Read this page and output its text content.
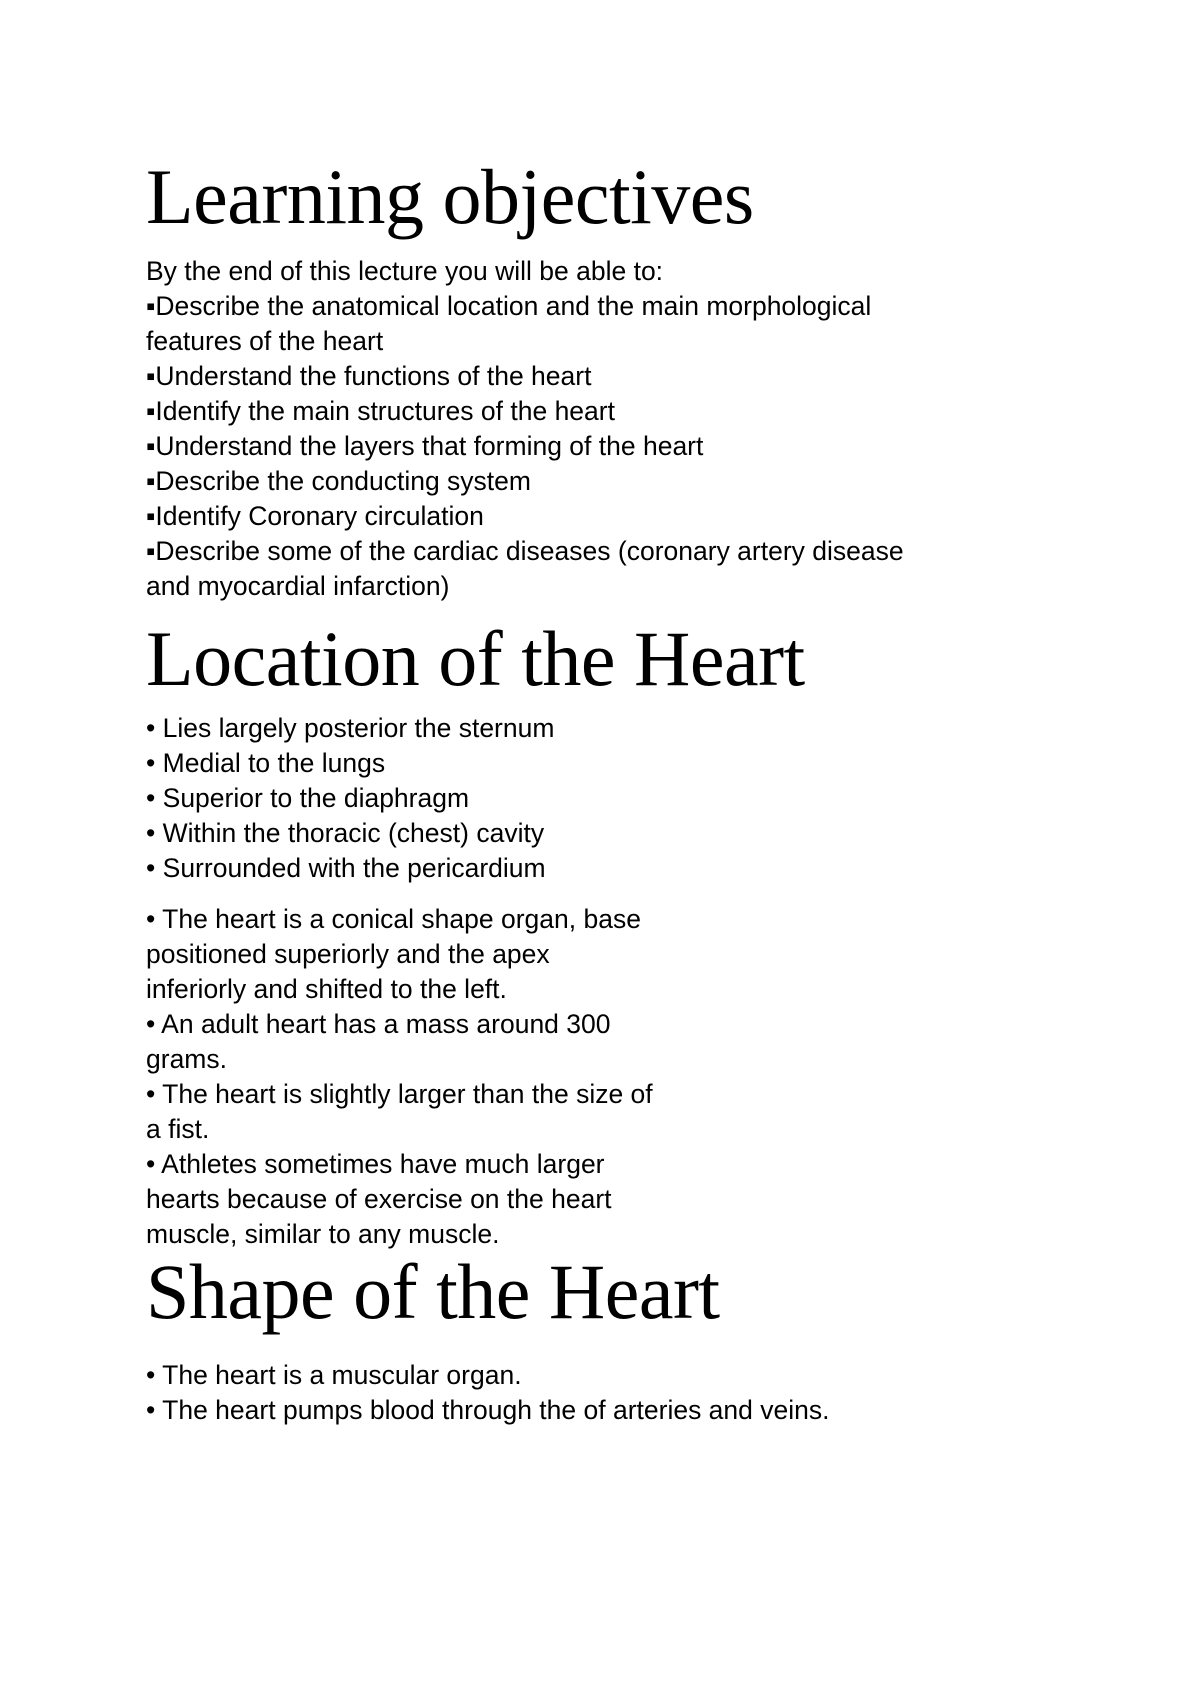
Learning objectives
By the end of this lecture you will be able to:
▪Describe the anatomical location and the main morphological
features of the heart
▪Understand the functions of the heart
▪Identify the main structures of the heart
▪Understand the layers that forming of the heart
▪Describe the conducting system
▪Identify Coronary circulation
▪Describe some of the cardiac diseases (coronary artery disease
and myocardial infarction)
Location of the Heart
• Lies largely posterior the sternum
• Medial to the lungs
• Superior to the diaphragm
• Within the thoracic (chest) cavity
• Surrounded with the pericardium
• The heart is a conical shape organ, base
positioned superiorly and the apex
inferiorly and shifted to the left.
• An adult heart has a mass around 300
grams.
• The heart is slightly larger than the size of
a fist.
• Athletes sometimes have much larger
hearts because of exercise on the heart
muscle, similar to any muscle.
Shape of the Heart
• The heart is a muscular organ.
• The heart pumps blood through the of arteries and veins.
